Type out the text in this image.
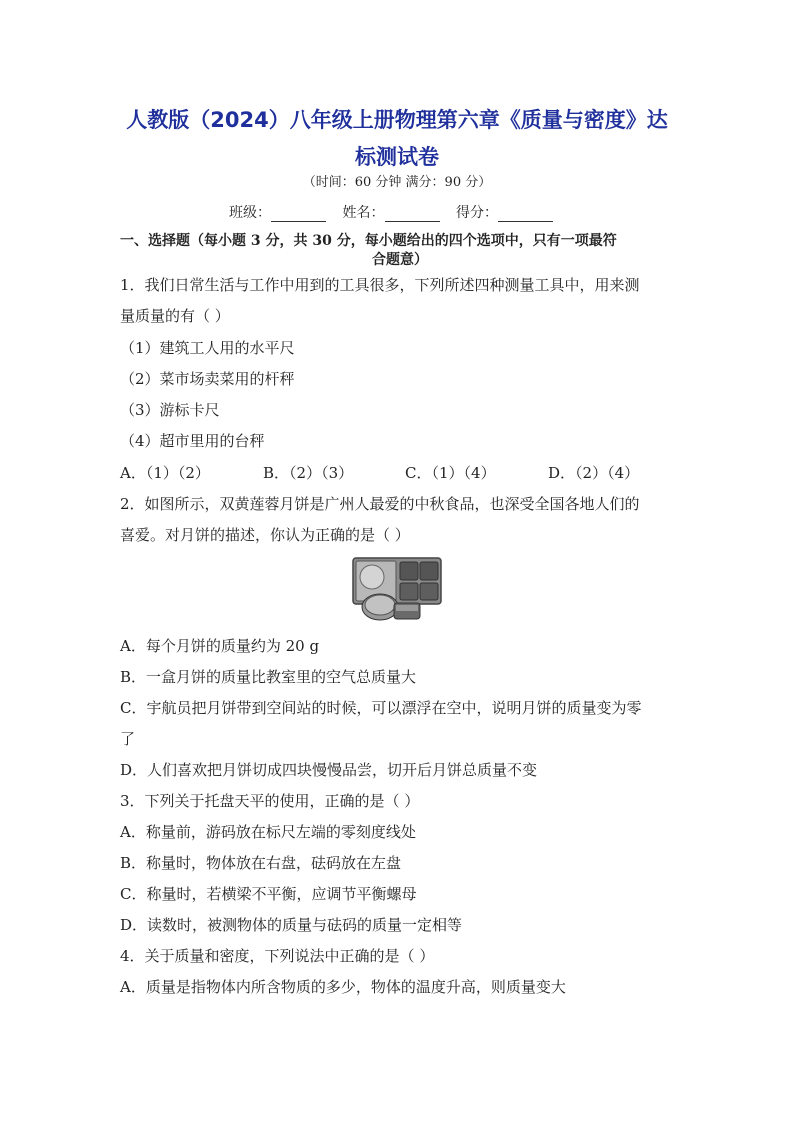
人教版（2024）八年级上册物理第六章《质量与密度》达
标测试卷
（时间：60 分钟 满分：90 分）
班级：	姓名：	得分：
一、选择题（每小题 3 分，共 30 分，每小题给出的四个选项中，只有一项最符
合题意）
1．我们日常生活与工作中用到的工具很多，下列所述四种测量工具中，用来测
量质量的有（ ）
（1）建筑工人用的水平尺
（2）菜市场卖菜用的杆秤
（3）游标卡尺
（4）超市里用的台秤
A．（1）（2）	B．（2）（3）	C．（1）（4）	D．（2）（4）
2．如图所示，双黄莲蓉月饼是广州人最爱的中秋食品，也深受全国各地人们的
喜爱。对月饼的描述，你认为正确的是（ ）
A．每个月饼的质量约为 20 g
B．一盒月饼的质量比教室里的空气总质量大
C．宇航员把月饼带到空间站的时候，可以漂浮在空中，说明月饼的质量变为零
了
D．人们喜欢把月饼切成四块慢慢品尝，切开后月饼总质量不变
3．下列关于托盘天平的使用，正确的是（ ）
A．称量前，游码放在标尺左端的零刻度线处
B．称量时，物体放在右盘，砝码放在左盘
C．称量时，若横梁不平衡，应调节平衡螺母
D．读数时，被测物体的质量与砝码的质量一定相等
4．关于质量和密度，下列说法中正确的是（ ）
A．质量是指物体内所含物质的多少，物体的温度升高，则质量变大
